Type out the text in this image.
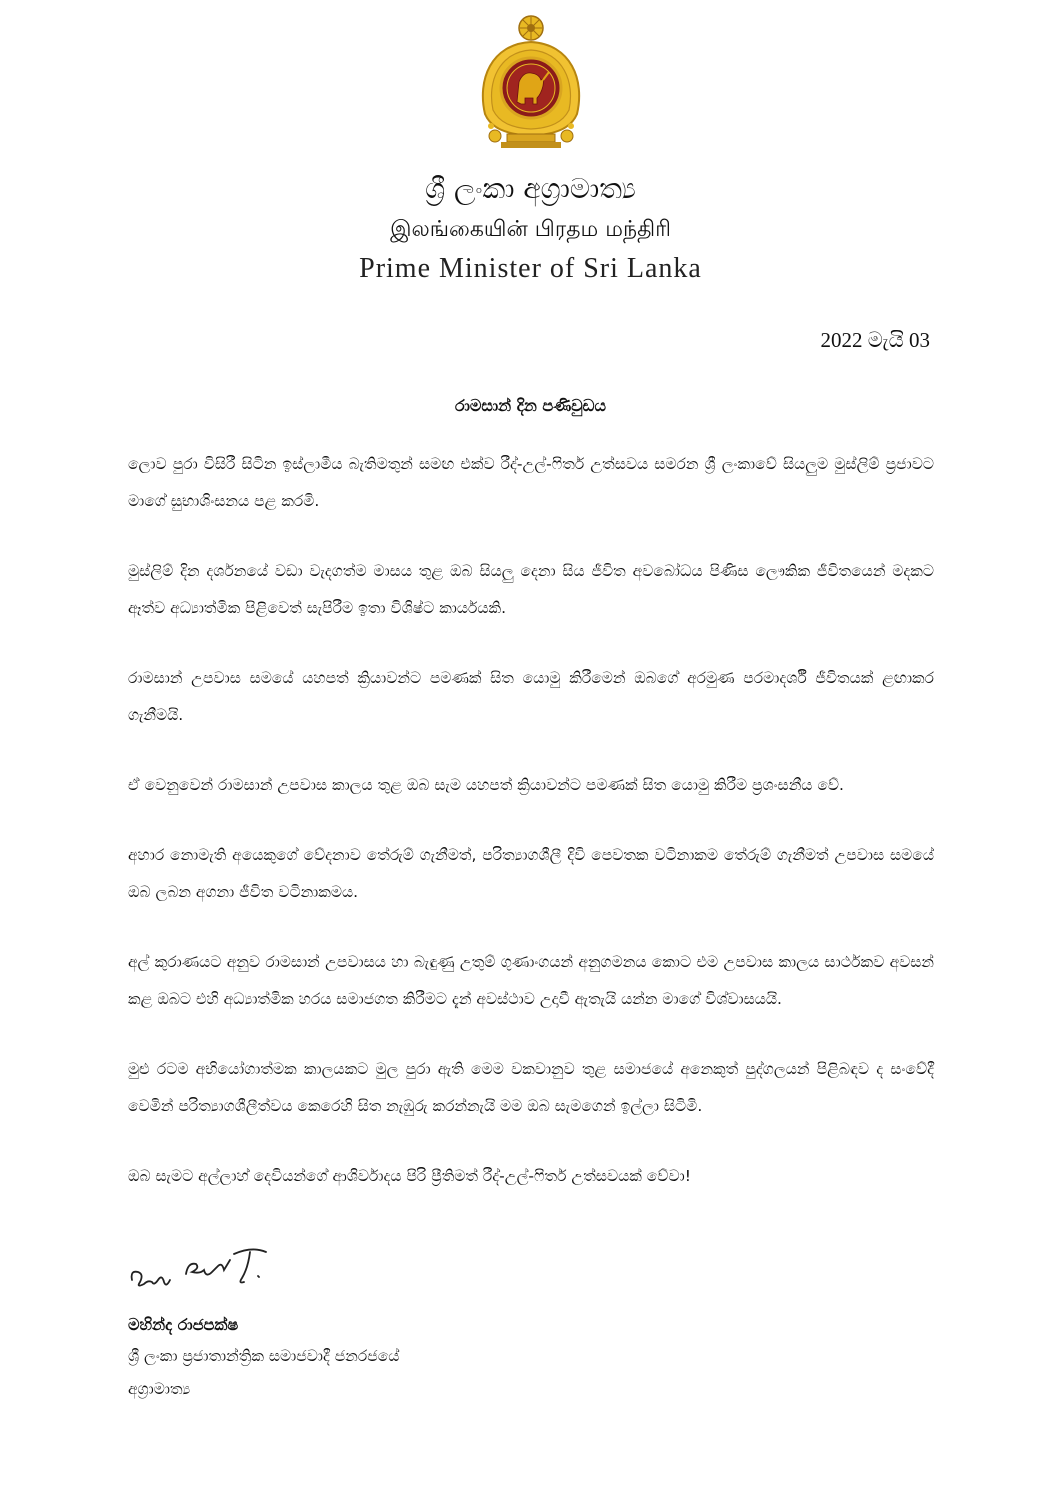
ශ්‍රී ලංකා අග්‍රාමාත්‍ය
இலங்கையின் பிரதம மந்திரி
Prime Minister of Sri Lanka
2022 මැයි 03
රාමසාන් දින පණිවුඩය

ලොව පුරා විසිරී සිටින ඉස්ලාමීය බැතිමතුන් සමඟ එක්ව රීද්-උල්-ෆිතර් උත්සවය සමරන ශ්‍රී ලංකාවේ සියලුම මුස්ලිම් ප්‍රජාවට මාගේ සුභාශිංසනය පළ කරමි.

මුස්ලිම් දින දර්ශනයේ වඩා වැදගත්ම මාසය තුළ ඔබ සියලු දෙනා සිය ජීවිත අවබෝධය පිණිස ලෞකික ජීවිතයෙන් මදකට ඈත්ව අධ්‍යාත්මික පිළිවෙත් සැපිරීම ඉතා විශිෂ්ට කාර්යයකි.

රාමසාන් උපවාස සමයේ යහපත් ක්‍රියාවන්ට පමණක් සිත යොමු කිරීමෙන් ඔබගේ අරමුණ පරමාදර්ශී ජීවිතයක් ළඟාකර ගැනීමයි.

ඒ වෙනුවෙන් රාමසාන් උපවාස කාලය තුළ ඔබ සැම යහපත් ක්‍රියාවන්ට පමණක් සිත යොමු කිරීම ප්‍රශංසනීය වේ.

අහාර නොමැති අයෙකුගේ වේදනාව තේරුම් ගැනීමත්, පරිත්‍යාගශීලී දිවි පෙවතක වටිනාකම තේරුම් ගැනීමත් උපවාස සමයේ ඔබ ලබන අගනා ජීවිත වටිනාකමය.

අල් කුරාණයට අනුව රාමසාන් උපවාසය හා බැඳුණු උතුම් ගුණාංගයන් අනුගමනය කොට එම උපවාස කාලය සාර්ථකව අවසන් කළ ඔබට එහි අධ්‍යාත්මික හරය සමාජගත කිරීමට දැන් අවස්ථාව උදාවී ඇතැයි යන්න මාගේ විශ්වාසයයි.

මුළු රටම අභියෝගාත්මක කාලයකට මුල පුරා ඇති මෙම වකවානුව තුළ සමාජයේ අනෙකුත් පුද්ගලයන් පිළිබඳව ද සංවේදී වෙමින් පරිත්‍යාගශීලීත්වය කෙරෙහි සිත නැඹුරු කරන්නැයි මම ඔබ සැමගෙන් ඉල්ලා සිටිමි.

ඔබ සැමට අල්ලාහ් දෙවියන්ගේ ආශිර්වාදය පිරි ප්‍රීතිමත් රීද්-උල්-ෆිතර් උත්සවයක් වේවා!

මහින්ද රාජපක්ෂ
ශ්‍රී ලංකා ප්‍රජාතාන්ත්‍රික සමාජවාදී ජනරජයේ
අග්‍රාමාත්‍ය
